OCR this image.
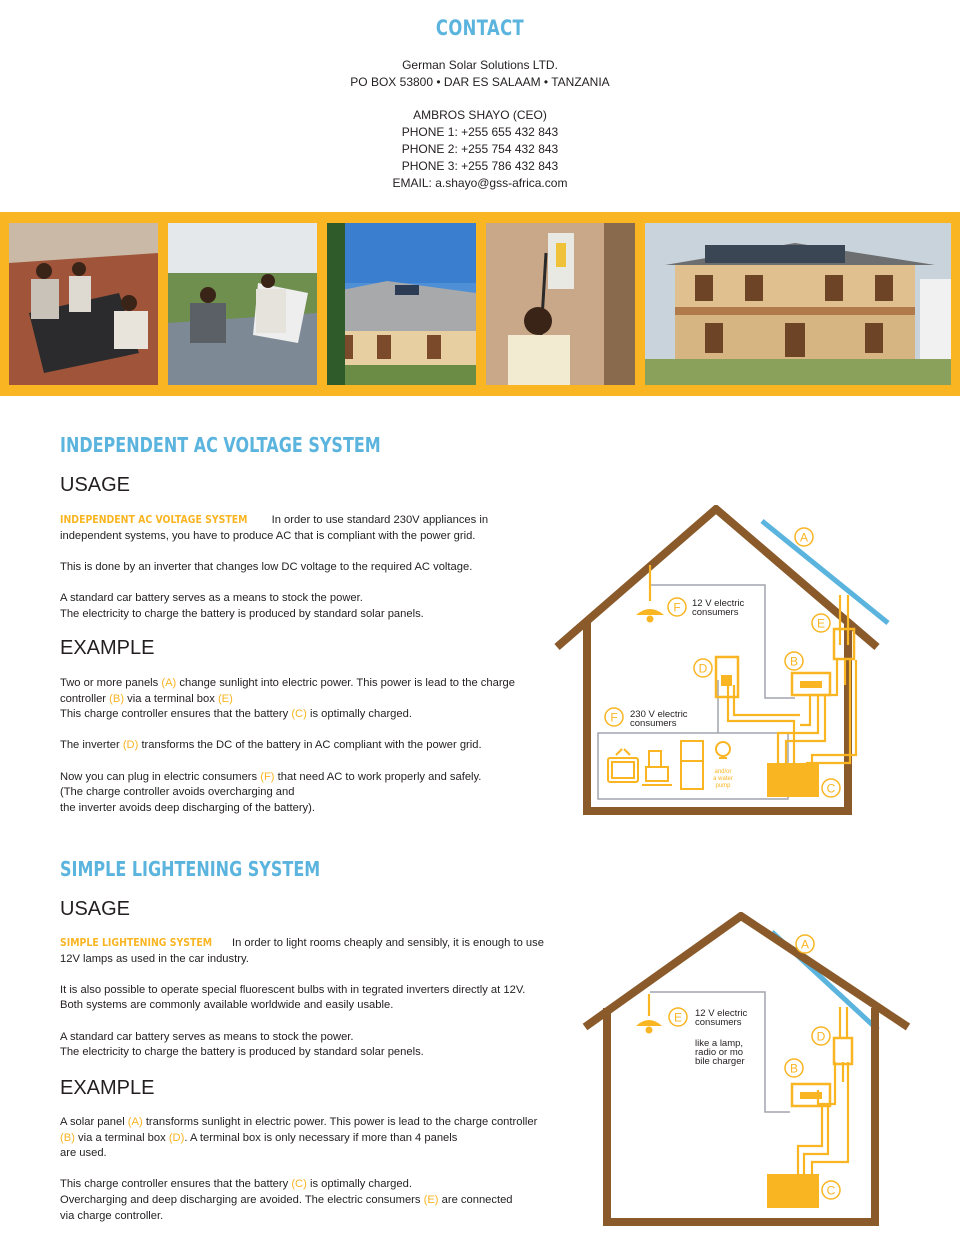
CONTACT
German Solar Solutions LTD.
PO BOX 53800 • DAR ES SALAAM • TANZANIA
AMBROS SHAYO (CEO)
PHONE 1: +255 655 432 843
PHONE 2: +255 754 432 843
PHONE 3: +255 786 432 843
EMAIL: a.shayo@gss-africa.com
INDEPENDENT AC VOLTAGE SYSTEM
USAGE

INDEPENDENT AC VOLTAGE SYSTEM In order to use standard 230V appliances in independent systems, you have to produce AC that is compliant with the power grid.

This is done by an inverter that changes low DC voltage to the required AC voltage.

A standard car battery serves as a means to stock the power.
The electricity to charge the battery is produced by standard solar panels.

EXAMPLE

Two or more panels (A) change sunlight into electric power. This power is lead to the charge controller (B) via a terminal box (E)
This charge controller ensures that the battery (C) is optimally charged.

The inverter (D) transforms the DC of the battery in AC compliant with the power grid.

Now you can plug in electric consumers (F) that need AC to work properly and safely.
(The charge controller avoids overcharging and
the inverter avoids deep discharging of the battery).

A
E
B
D
F
F
C
12 V electric
consumers
230 V electric
consumers
and/or
a water
pump
SIMPLE LIGHTENING SYSTEM
USAGE

SIMPLE LIGHTENING SYSTEM In order to light rooms cheaply and sensibly, it is enough to use 12V lamps as used in the car industry.

It is also possible to operate special fluorescent bulbs with in tegrated inverters directly at 12V.
Both systems are commonly available worldwide and easily usable.

A standard car battery serves as means to stock the power.
The electricity to charge the battery is produced by standard solar penels.

EXAMPLE

A solar panel (A) transforms sunlight in electric power. This power is lead to the charge controller (B) via a terminal box (D). A terminal box is only necessary if more than 4 panels
are used.

This charge controller ensures that the battery (C) is optimally charged.
Overcharging and deep discharging are avoided. The electric consumers (E) are connected
via charge controller.

A
D
B
E
C
12 V electric
consumers
like a lamp,
radio or mo
bile charger
